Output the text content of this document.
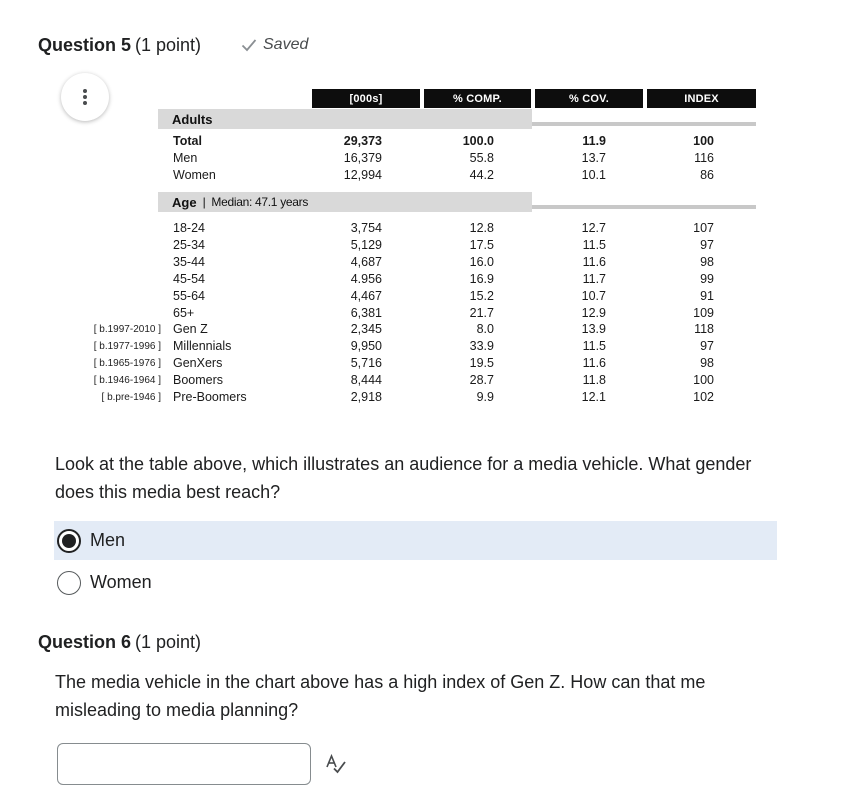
Question 5 (1 point)	Saved
[000s]	% COMP.	% COV.	INDEX
Adults
Total	29,373	100.0	11.9	100
Men	16,379	55.8	13.7	116
Women	12,994	44.2	10.1	86
Age | Median: 47.1 years
18-24	3,754	12.8	12.7	107
25-34	5,129	17.5	11.5	97
35-44	4,687	16.0	11.6	98
45-54	4.956	16.9	11.7	99
55-64	4,467	15.2	10.7	91
65+	6,381	21.7	12.9	109
[ b.1997-2010 ] Gen Z	2,345	8.0	13.9	118
[ b.1977-1996 ] Millennials	9,950	33.9	11.5	97
[ b.1965-1976 ] GenXers	5,716	19.5	11.6	98
[ b.1946-1964 ] Boomers	8,444	28.7	11.8	100
[ b.pre-1946 ] Pre-Boomers	2,918	9.9	12.1	102
Look at the table above, which illustrates an audience for a media vehicle. What gender does this media best reach?
Men
Women
Question 6 (1 point)
The media vehicle in the chart above has a high index of Gen Z. How can that me misleading to media planning?
